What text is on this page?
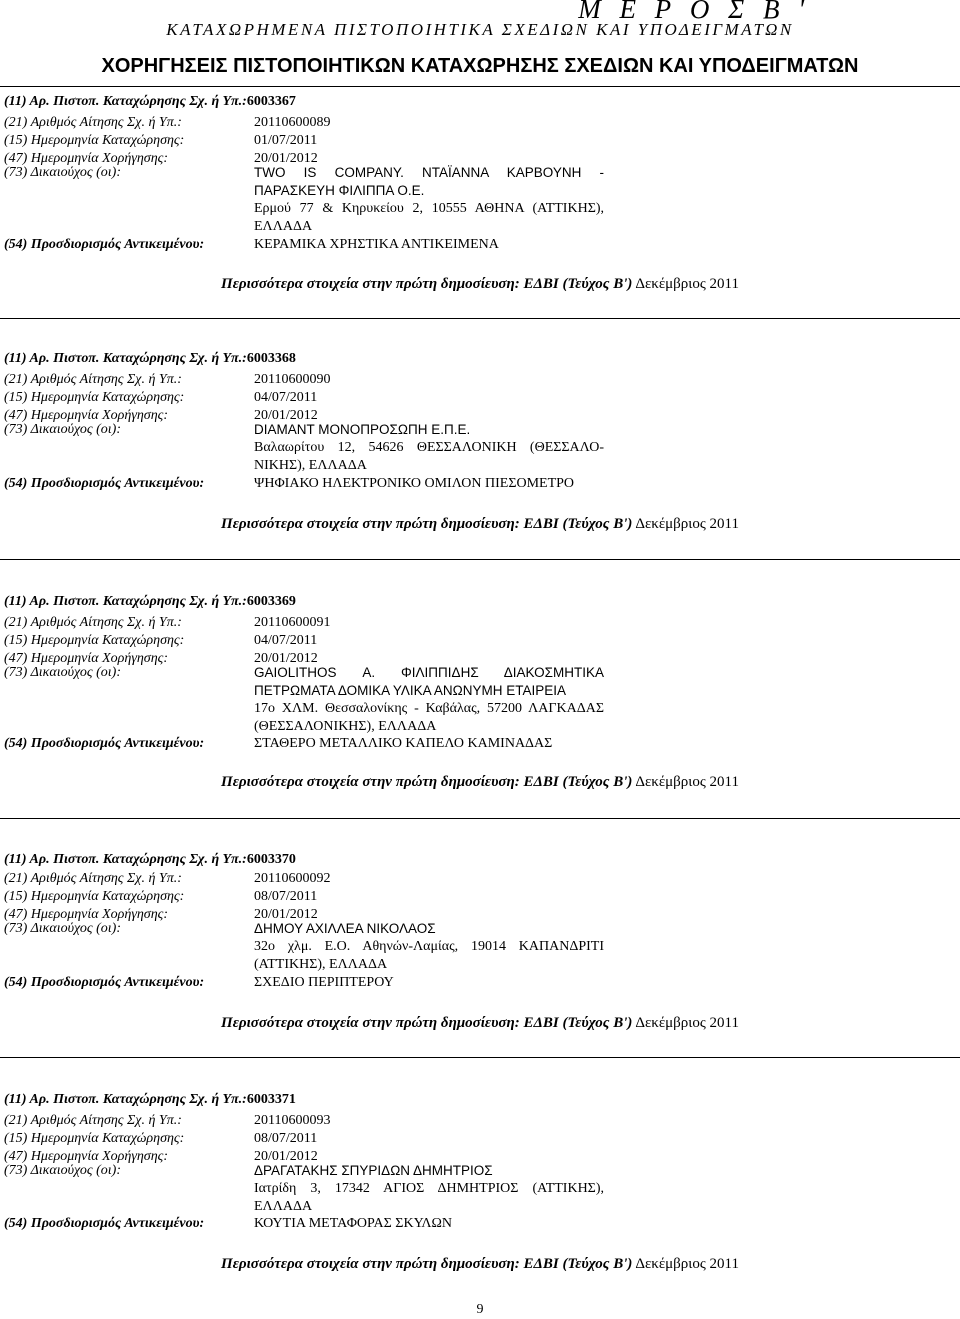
Μ Ε Ρ Ο Σ Β '
ΚΑΤΑΧΩΡΗΜΕΝΑ ΠΙΣΤΟΠΟΙΗΤΙΚΑ ΣΧΕΔΙΩΝ ΚΑΙ ΥΠΟΔΕΙΓΜΑΤΩΝ
ΧΟΡΗΓΗΣΕΙΣ ΠΙΣΤΟΠΟΙΗΤΙΚΩΝ ΚΑΤΑΧΩΡΗΣΗΣ ΣΧΕΔΙΩΝ ΚΑΙ ΥΠΟΔΕΙΓΜΑΤΩΝ
(11) Αρ. Πιστοπ. Καταχώρησης Σχ. ή Υπ.:6003367
(21) Αριθμός Αίτησης Σχ. ή Υπ.:	20110600089
(15) Ημερομηνία Καταχώρησης:	01/07/2011
(47) Ημερομηνία Χορήγησης:	20/01/2012
(73) Δικαιούχος (οι):	TWO IS COMPANY. ΝΤΑΪΑΝΝΑ ΚΑΡΒΟΥΝΗ - ΠΑΡΑΣΚΕΥΗ ΦΙΛΙΠΠΑ Ο.Ε.
Ερμού 77 & Κηρυκείου 2, 10555 ΑΘΗΝΑ (ΑΤΤΙΚΗΣ), ΕΛΛΑΔΑ
(54) Προσδιορισμός Αντικειμένου:	ΚΕΡΑΜΙΚΑ ΧΡΗΣΤΙΚΑ ΑΝΤΙΚΕΙΜΕΝΑ
Περισσότερα στοιχεία στην πρώτη δημοσίευση: ΕΔΒΙ (Τεύχος Β') Δεκέμβριος 2011
(11) Αρ. Πιστοπ. Καταχώρησης Σχ. ή Υπ.:6003368
(21) Αριθμός Αίτησης Σχ. ή Υπ.:	20110600090
(15) Ημερομηνία Καταχώρησης:	04/07/2011
(47) Ημερομηνία Χορήγησης:	20/01/2012
(73) Δικαιούχος (οι):	DIAMANT ΜΟΝΟΠΡΟΣΩΠΗ Ε.Π.Ε.
Βαλαωρίτου 12, 54626 ΘΕΣΣΑΛΟΝΙΚΗ (ΘΕΣΣΑΛΟ- ΝΙΚΗΣ), ΕΛΛΑΔΑ
(54) Προσδιορισμός Αντικειμένου:	ΨΗΦΙΑΚΟ ΗΛΕΚΤΡΟΝΙΚΟ ΟΜΙΛΟΝ ΠΙΕΣΟΜΕΤΡΟ
Περισσότερα στοιχεία στην πρώτη δημοσίευση: ΕΔΒΙ (Τεύχος Β') Δεκέμβριος 2011
(11) Αρ. Πιστοπ. Καταχώρησης Σχ. ή Υπ.:6003369
(21) Αριθμός Αίτησης Σχ. ή Υπ.:	20110600091
(15) Ημερομηνία Καταχώρησης:	04/07/2011
(47) Ημερομηνία Χορήγησης:	20/01/2012
(73) Δικαιούχος (οι):	GAIOLITHOS Α. ΦΙΛΙΠΠΙΔΗΣ ΔΙΑΚΟΣΜΗΤΙΚΑ ΠΕΤΡΩΜΑΤΑ ΔΟΜΙΚΑ ΥΛΙΚΑ ΑΝΩΝΥΜΗ ΕΤΑΙΡΕΙΑ
17ο ΧΛΜ. Θεσσαλονίκης - Καβάλας, 57200 ΛΑΓΚΑΔΑΣ (ΘΕΣΣΑΛΟΝΙΚΗΣ), ΕΛΛΑΔΑ
(54) Προσδιορισμός Αντικειμένου:	ΣΤΑΘΕΡΟ ΜΕΤΑΛΛΙΚΟ ΚΑΠΕΛΟ ΚΑΜΙΝΑΔΑΣ
Περισσότερα στοιχεία στην πρώτη δημοσίευση: ΕΔΒΙ (Τεύχος Β') Δεκέμβριος 2011
(11) Αρ. Πιστοπ. Καταχώρησης Σχ. ή Υπ.:6003370
(21) Αριθμός Αίτησης Σχ. ή Υπ.:	20110600092
(15) Ημερομηνία Καταχώρησης:	08/07/2011
(47) Ημερομηνία Χορήγησης:	20/01/2012
(73) Δικαιούχος (οι):	ΔΗΜΟΥ ΑΧΙΛΛΕΑ ΝΙΚΟΛΑΟΣ
32ο χλμ. Ε.Ο. Αθηνών-Λαμίας, 19014 ΚΑΠΑΝΔΡΙΤΙ (ΑΤΤΙΚΗΣ), ΕΛΛΑΔΑ
(54) Προσδιορισμός Αντικειμένου:	ΣΧΕΔΙΟ ΠΕΡΙΠΤΕΡΟΥ
Περισσότερα στοιχεία στην πρώτη δημοσίευση: ΕΔΒΙ (Τεύχος Β') Δεκέμβριος 2011
(11) Αρ. Πιστοπ. Καταχώρησης Σχ. ή Υπ.:6003371
(21) Αριθμός Αίτησης Σχ. ή Υπ.:	20110600093
(15) Ημερομηνία Καταχώρησης:	08/07/2011
(47) Ημερομηνία Χορήγησης:	20/01/2012
(73) Δικαιούχος (οι):	ΔΡΑΓΑΤΑΚΗΣ ΣΠΥΡΙΔΩΝ ΔΗΜΗΤΡΙΟΣ
Ιατρίδη 3, 17342 ΑΓΙΟΣ ΔΗΜΗΤΡΙΟΣ (ΑΤΤΙΚΗΣ), ΕΛΛΑΔΑ
(54) Προσδιορισμός Αντικειμένου:	ΚΟΥΤΙΑ ΜΕΤΑΦΟΡΑΣ ΣΚΥΛΩΝ
Περισσότερα στοιχεία στην πρώτη δημοσίευση: ΕΔΒΙ (Τεύχος Β') Δεκέμβριος 2011
9
